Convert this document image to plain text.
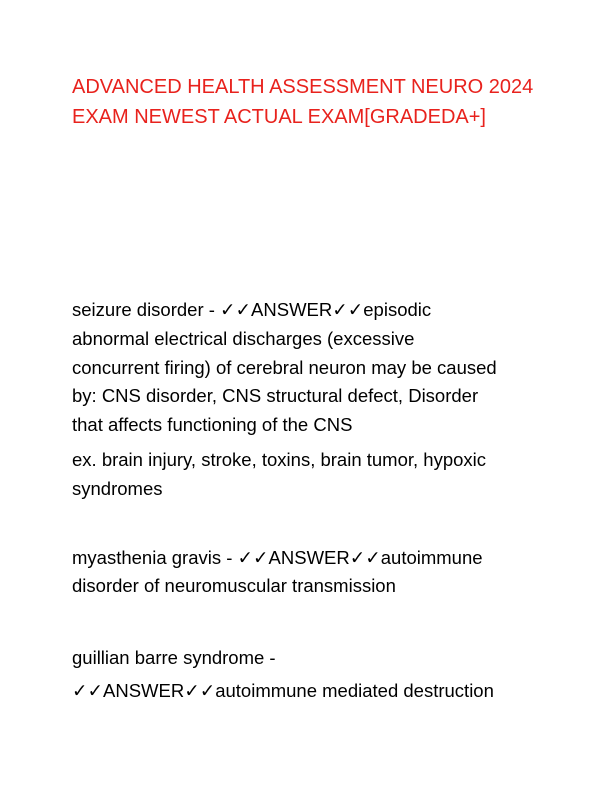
ADVANCED HEALTH ASSESSMENT NEURO 2024
EXAM NEWEST ACTUAL EXAM[GRADEDA+]

seizure disorder - ✓✓ANSWER✓✓episodic
abnormal electrical discharges (excessive
concurrent firing) of cerebral neuron may be caused
by: CNS disorder, CNS structural defect, Disorder
that affects functioning of the CNS

ex. brain injury, stroke, toxins, brain tumor, hypoxic
syndromes

myasthenia gravis - ✓✓ANSWER✓✓autoimmune
disorder of neuromuscular transmission

guillian barre syndrome -
✓✓ANSWER✓✓autoimmune mediated destruction
